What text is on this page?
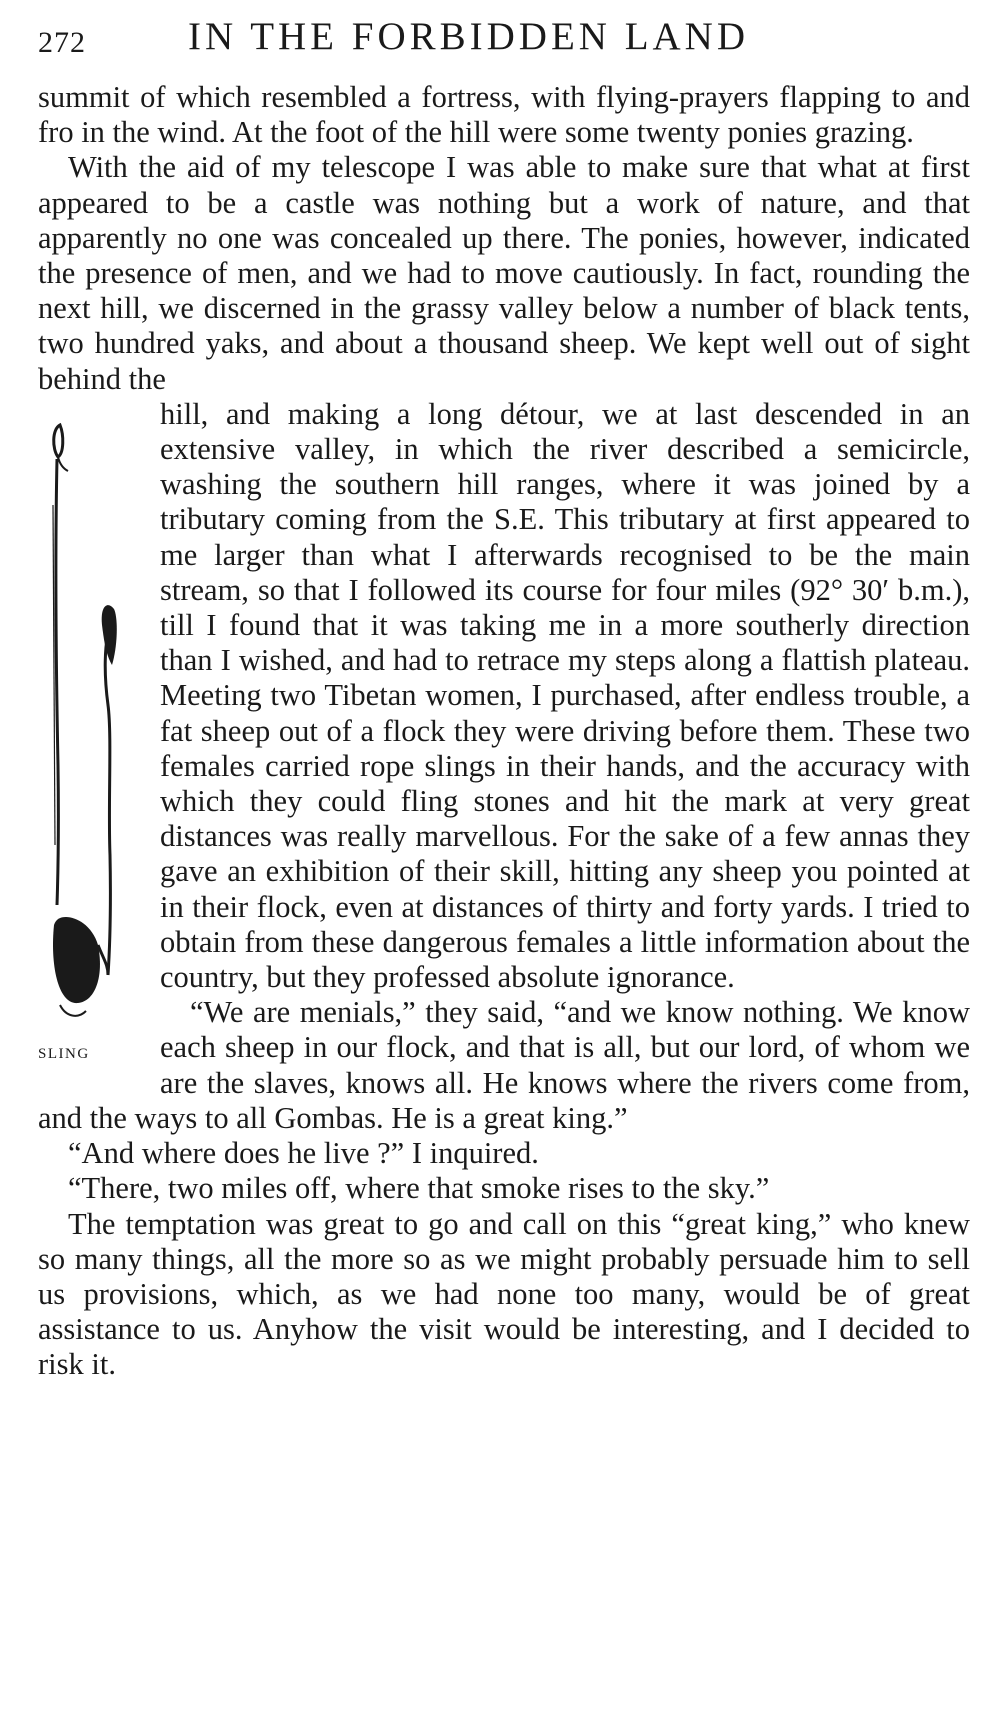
272	IN THE FORBIDDEN LAND

summit of which resembled a fortress, with flying-prayers flapping to and fro in the wind. At the foot of the hill were some twenty ponies grazing.

With the aid of my telescope I was able to make sure that what at first appeared to be a castle was nothing but a work of nature, and that apparently no one was concealed up there. The ponies, however, indicated the presence of men, and we had to move cautiously. In fact, rounding the next hill, we discerned in the grassy valley below a number of black tents, two hundred yaks, and about a thousand sheep. We kept well out of sight behind the

SLING

hill, and making a long détour, we at last descended in an extensive valley, in which the river described a semicircle, washing the southern hill ranges, where it was joined by a tributary coming from the S.E. This tributary at first appeared to me larger than what I afterwards recognised to be the main stream, so that I followed its course for four miles (92° 30′ b.m.), till I found that it was taking me in a more southerly direction than I wished, and had to retrace my steps along a flattish plateau. Meeting two Tibetan women, I purchased, after endless trouble, a fat sheep out of a flock they were driving before them. These two females carried rope slings in their hands, and the accuracy with which they could fling stones and hit the mark at very great distances was really marvellous. For the sake of a few annas they gave an exhibition of their skill, hitting any sheep you pointed at in their flock, even at distances of thirty and forty yards. I tried to obtain from these dangerous females a little information about the country, but they professed absolute ignorance.

“We are menials,” they said, “and we know nothing. We know each sheep in our flock, and that is all, but our lord, of whom we are the slaves, knows all. He knows where the rivers come from, and the ways to all Gombas. He is a great king.”

“And where does he live ?” I inquired.

“There, two miles off, where that smoke rises to the sky.”

The temptation was great to go and call on this “great king,” who knew so many things, all the more so as we might probably persuade him to sell us provisions, which, as we had none too many, would be of great assistance to us. Anyhow the visit would be interesting, and I decided to risk it.
